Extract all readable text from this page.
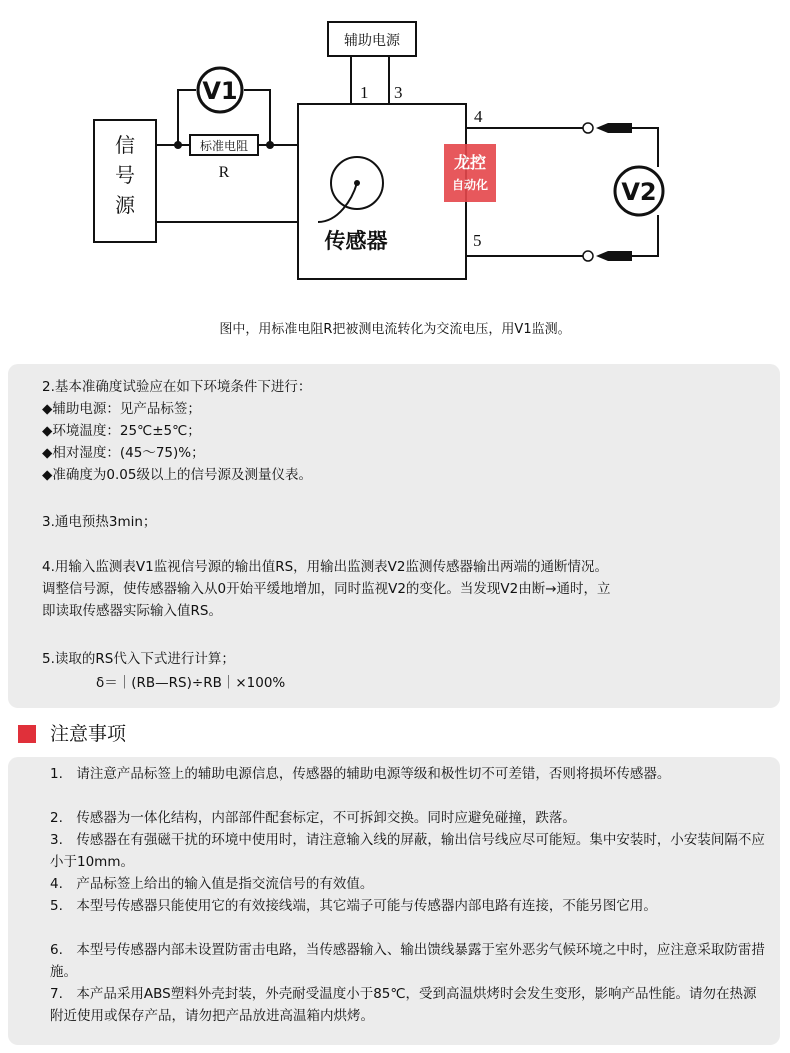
辅助电源
1 3
4
5
标准电阻
R
信
号
源
V1
V2
传感器
龙控
自动化
图中，用标准电阻R把被测电流转化为交流电压，用V1监测。
2.基本准确度试验应在如下环境条件下进行：
◆辅助电源：见产品标签；
◆环境温度：25℃±5℃；
◆相对湿度：(45～75)%；
◆准确度为0.05级以上的信号源及测量仪表。
3.通电预热3min；
4.用输入监测表V1监视信号源的输出值RS，用输出监测表V2监测传感器输出两端的通断情况。
调整信号源，使传感器输入从0开始平缓地增加，同时监视V2的变化。当发现V2由断→通时，立
即读取传感器实际输入值RS。
5.读取的RS代入下式进行计算；
δ＝｜(RB—RS)÷RB｜×100%
注意事项
1.　请注意产品标签上的辅助电源信息，传感器的辅助电源等级和极性切不可差错，否则将损坏传感器。
2.　传感器为一体化结构，内部部件配套标定，不可拆卸交换。同时应避免碰撞，跌落。
3.　传感器在有强磁干扰的环境中使用时，请注意输入线的屏蔽，输出信号线应尽可能短。集中安装时，小安装间隔不应小于10mm。
4.　产品标签上给出的输入值是指交流信号的有效值。
5.　本型号传感器只能使用它的有效接线端，其它端子可能与传感器内部电路有连接，不能另图它用。
6.　本型号传感器内部未设置防雷击电路，当传感器输入、输出馈线暴露于室外恶劣气候环境之中时，应注意采取防雷措施。
7.　本产品采用ABS塑料外壳封装，外壳耐受温度小于85℃，受到高温烘烤时会发生变形，影响产品性能。请勿在热源附近使用或保存产品，请勿把产品放进高温箱内烘烤。
